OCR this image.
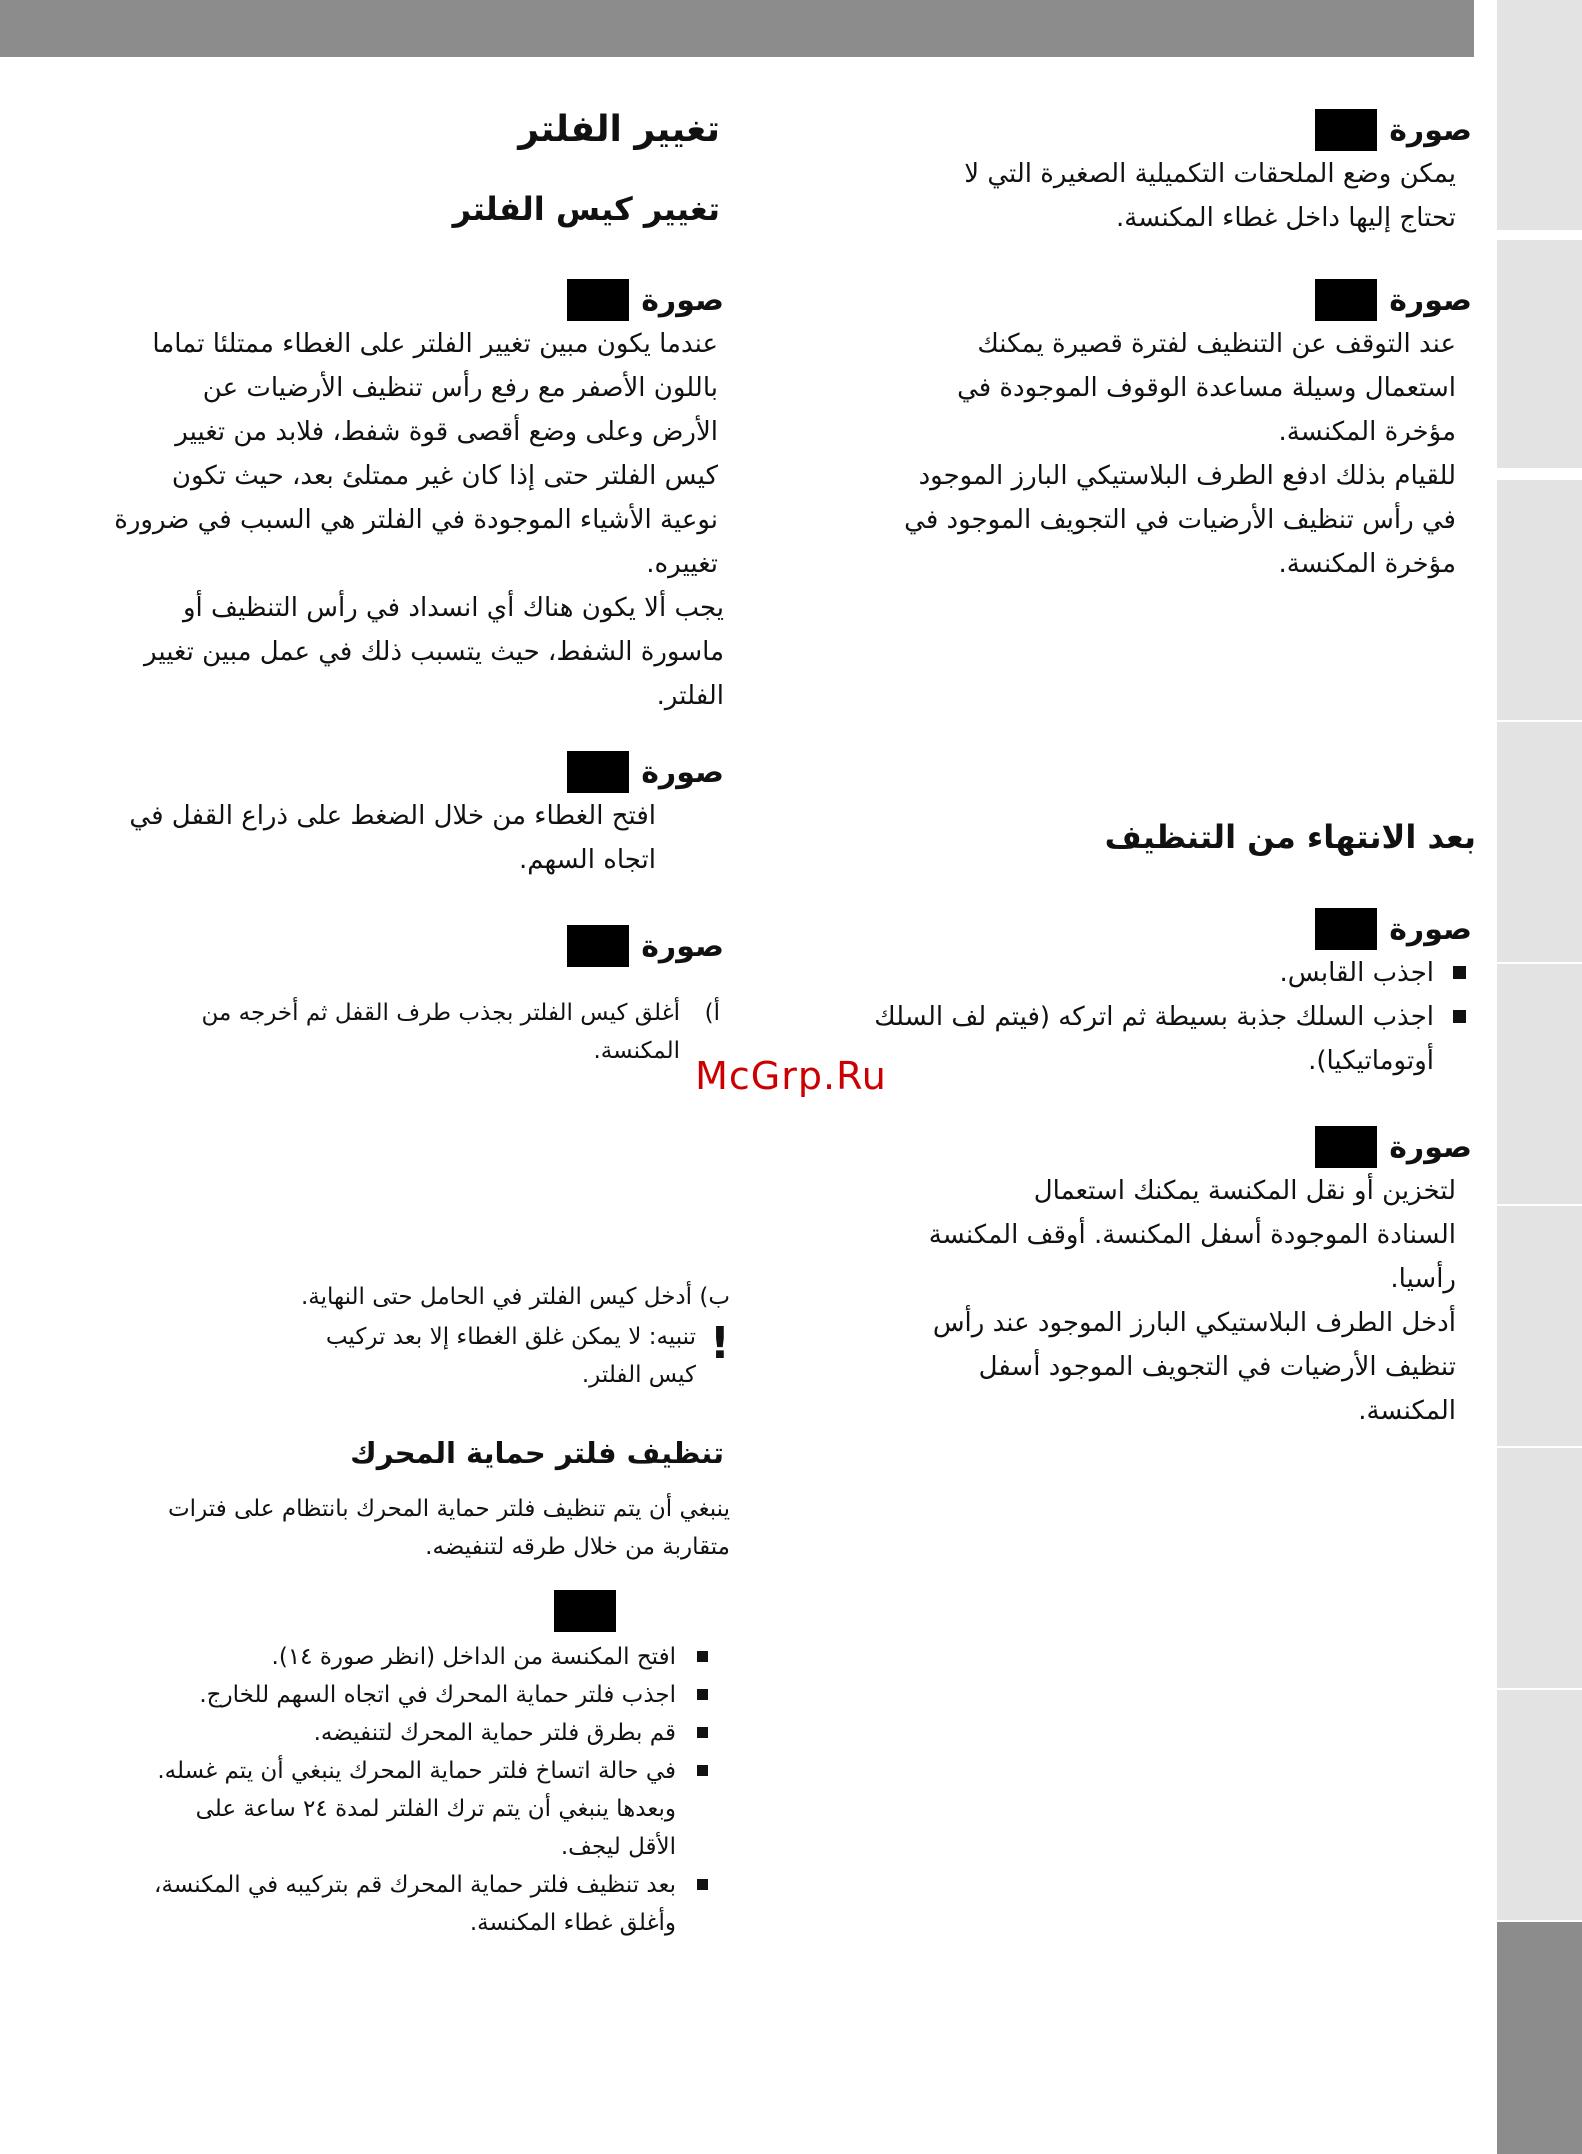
صورة

يمكن وضع الملحقات التكميلية الصغيرة التي لا
تحتاج إليها داخل غطاء المكنسة.

صورة

عند التوقف عن التنظيف لفترة قصيرة يمكنك
استعمال وسيلة مساعدة الوقوف الموجودة في
مؤخرة المكنسة.

للقيام بذلك ادفع الطرف البلاستيكي البارز الموجود
في رأس تنظيف الأرضيات في التجويف الموجود في
مؤخرة المكنسة.

بعد الانتهاء من التنظيف
صورة
اجذب القابس.
اجذب السلك جذبة بسيطة ثم اتركه (فيتم لف السلك
أوتوماتيكيا).
صورة

لتخزين أو نقل المكنسة يمكنك استعمال
السنادة الموجودة أسفل المكنسة. أوقف المكنسة
رأسيا.

أدخل الطرف البلاستيكي البارز الموجود عند رأس
تنظيف الأرضيات في التجويف الموجود أسفل
المكنسة.

تغيير الفلتر
تغيير كيس الفلتر
صورة

عندما يكون مبين تغيير الفلتر على الغطاء ممتلئا تماما
باللون الأصفر مع رفع رأس تنظيف الأرضيات عن
الأرض وعلى وضع أقصى قوة شفط، فلابد من تغيير
كيس الفلتر حتى إذا كان غير ممتلئ بعد، حيث تكون
نوعية الأشياء الموجودة في الفلتر هي السبب في ضرورة
تغييره.

يجب ألا يكون هناك أي انسداد في رأس التنظيف أو
ماسورة الشفط، حيث يتسبب ذلك في عمل مبين تغيير
الفلتر.

صورة

افتح الغطاء من خلال الضغط على ذراع القفل في
اتجاه السهم.

صورة
أ)
أغلق كيس الفلتر بجذب طرف القفل ثم أخرجه من
المكنسة.
ب) أدخل كيس الفلتر في الحامل حتى النهاية.
!
تنبيه: لا يمكن غلق الغطاء إلا بعد تركيب
كيس الفلتر.
تنظيف فلتر حماية المحرك
ينبغي أن يتم تنظيف فلتر حماية المحرك بانتظام على فترات
متقاربة من خلال طرقه لتنفيضه.
افتح المكنسة من الداخل (انظر صورة ١٤).
اجذب فلتر حماية المحرك في اتجاه السهم للخارج.
قم بطرق فلتر حماية المحرك لتنفيضه.
في حالة اتساخ فلتر حماية المحرك ينبغي أن يتم غسله.
وبعدها ينبغي أن يتم ترك الفلتر لمدة ٢٤ ساعة على
الأقل ليجف.
بعد تنظيف فلتر حماية المحرك قم بتركيبه في المكنسة،
وأغلق غطاء المكنسة.
McGrp.Ru
